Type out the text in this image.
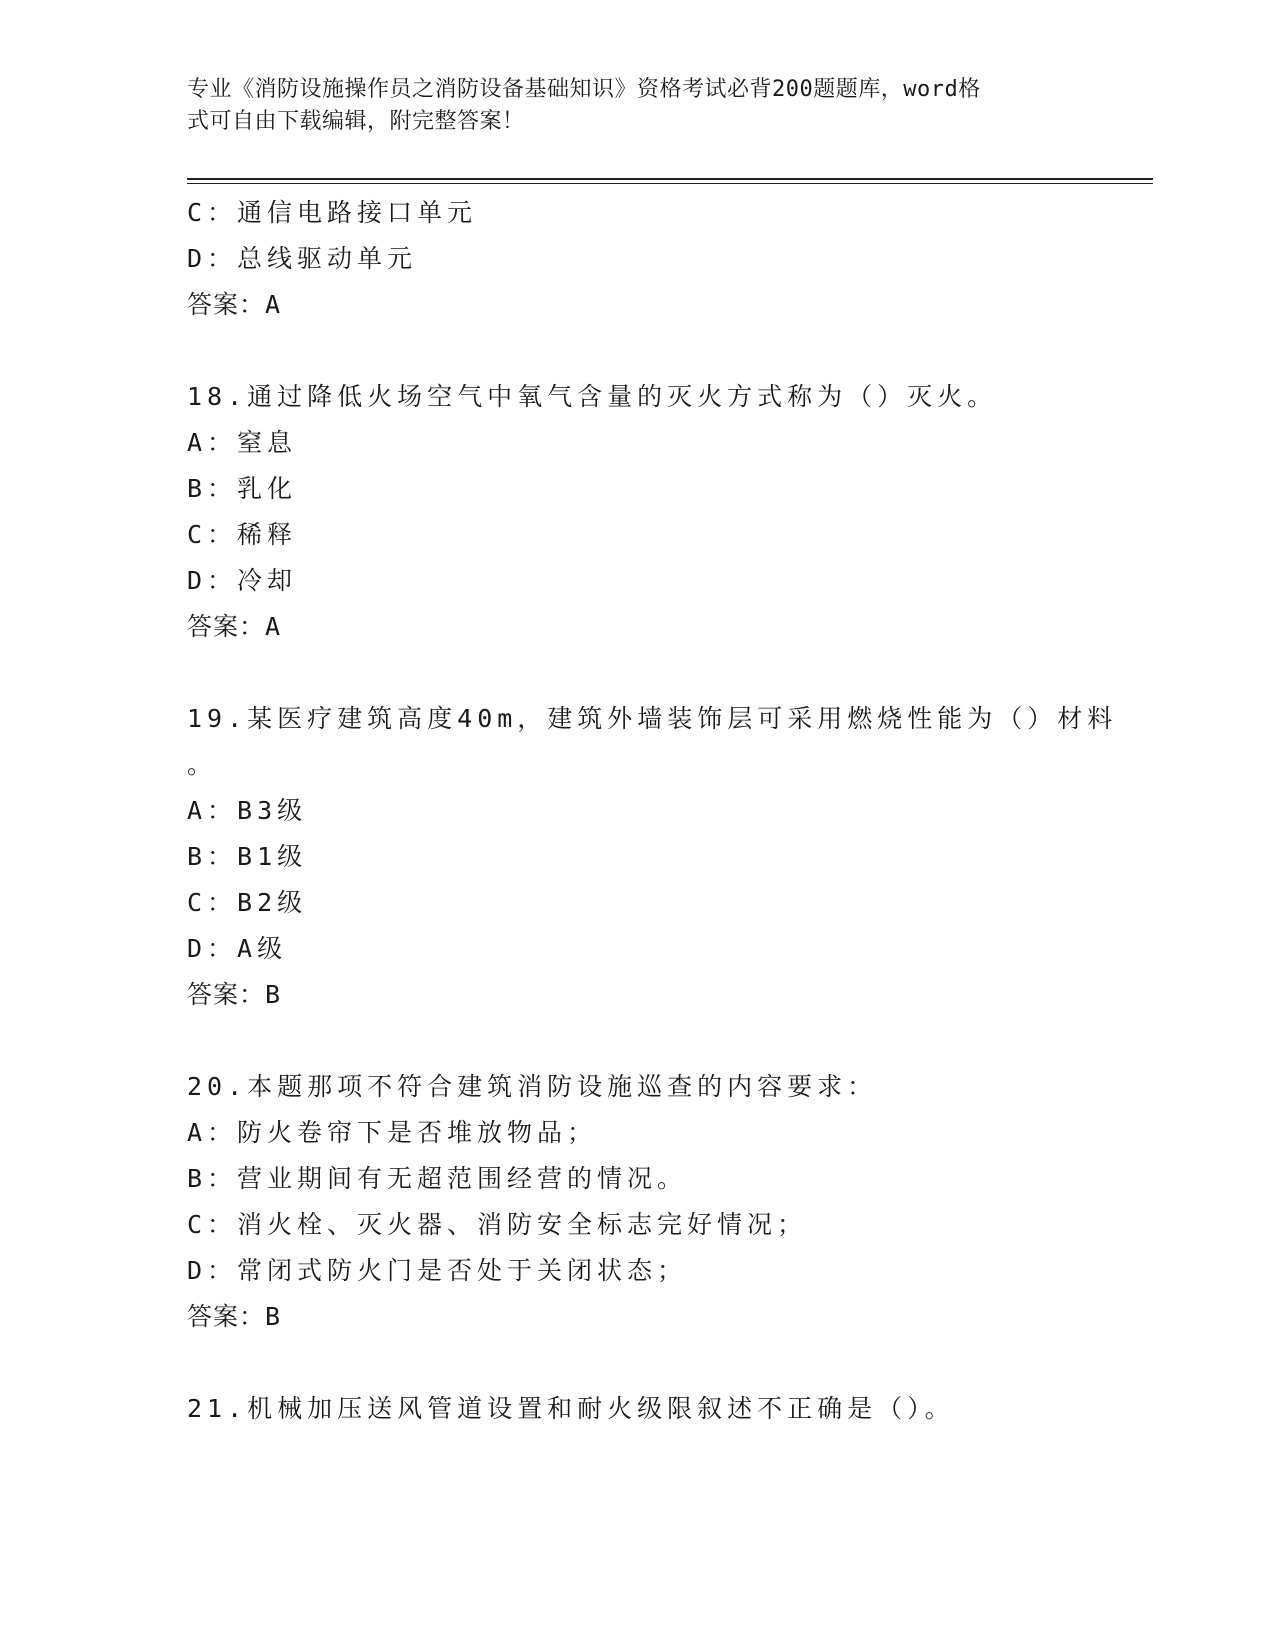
专业《消防设施操作员之消防设备基础知识》资格考试必背200题题库，word格
式可自由下载编辑，附完整答案！
C：通信电路接口单元
D：总线驱动单元
答案：A
18.通过降低火场空气中氧气含量的灭火方式称为（）灭火。
A：窒息
B：乳化
C：稀释
D：冷却
答案：A
19.某医疗建筑高度40m，建筑外墙装饰层可采用燃烧性能为（）材料
。
A：B3级
B：B1级
C：B2级
D：A级
答案：B
20.本题那项不符合建筑消防设施巡查的内容要求：
A：防火卷帘下是否堆放物品；
B：营业期间有无超范围经营的情况。
C：消火栓、灭火器、消防安全标志完好情况；
D：常闭式防火门是否处于关闭状态；
答案：B
21.机械加压送风管道设置和耐火级限叙述不正确是（）。
